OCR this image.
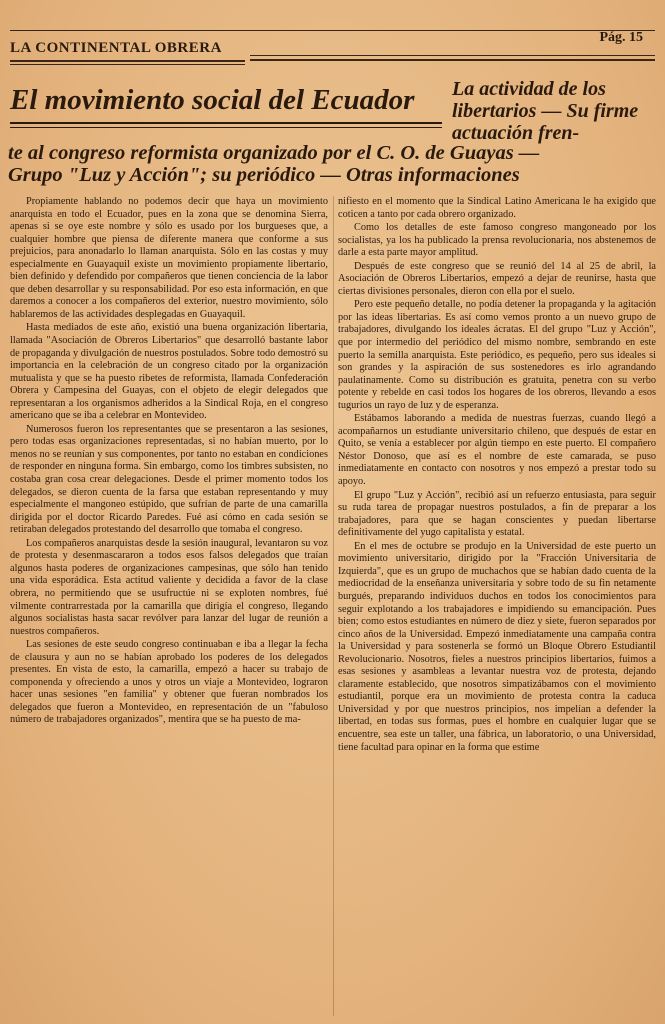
LA CONTINENTAL OBRERA
Pág. 15
El movimiento social del Ecuador	La actividad de los libertarios — Su firme actuación fren-
te al congreso reformista organizado por el C. O. de Guayas —
Grupo "Luz y Acción"; su periódico — Otras informaciones

Propiamente hablando no podemos decir que haya un movimiento anarquista en todo el Ecuador, pues en la zona que se denomina Sierra, apenas si se oye este nombre y sólo es usado por los burgueses que, a cualquier hombre que piensa de diferente manera que conforme a sus prejuicios, para anonadarlo lo llaman anarquista. Sólo en las costas y muy especialmente en Guayaquil existe un movimiento propiamente libertario, bien definido y defendido por compañeros que tienen conciencia de la labor que deben desarrollar y su responsabilidad. Por eso esta información, en que daremos a conocer a los compañeros del exterior, nuestro movimiento, sólo hablaremos de las actividades desplegadas en Guayaquil.

Hasta mediados de este año, existió una buena organización libertaria, llamada "Asociación de Obreros Libertarios" que desarrolló bastante labor de propaganda y divulgación de nuestros postulados. Sobre todo demostró su importancia en la celebración de un congreso citado por la organización mutualista y que se ha puesto ribetes de reformista, llamada Confederación Obrera y Campesina del Guayas, con el objeto de elegir delegados que representaran a los organismos adheridos a la Sindical Roja, en el congreso americano que se iba a celebrar en Montevideo.

Numerosos fueron los representantes que se presentaron a las sesiones, pero todas esas organizaciones representadas, si no habían muerto, por lo menos no se reunían y sus componentes, por tanto no estaban en condiciones de responder en ninguna forma. Sin embargo, como los timbres subsisten, no costaba gran cosa crear delegaciones. Desde el primer momento todos los delegados, se dieron cuenta de la farsa que estaban representando y muy especialmente el mangoneo estúpido, que sufrían de parte de una camarilla dirigida por el doctor Ricardo Paredes. Fué así cómo en cada sesión se retiraban delegados protestando del desarrollo que tomaba el congreso.

Los compañeros anarquistas desde la sesión inaugural, levantaron su voz de protesta y desenmascararon a todos esos falsos delegados que traían algunos hasta poderes de organizaciones campesinas, que sólo han tenido una vida esporádica. Esta actitud valiente y decidida a favor de la clase obrera, no permitiendo que se usufructúe ni se exploten nombres, fué vilmente contrarrestada por la camarilla que dirigía el congreso, llegando algunos socialistas hasta sacar revólver para lanzar del lugar de reunión a nuestros compañeros.

Las sesiones de este seudo congreso continuaban e iba a llegar la fecha de clausura y aun no se habían aprobado los poderes de los delegados presentes. En vista de esto, la camarilla, empezó a hacer su trabajo de componenda y ofreciendo a unos y otros un viaje a Montevideo, lograron hacer unas sesiones "en familia" y obtener que fueran nombrados los delegados que fueron a Montevideo, en representación de un "fabuloso número de trabajadores organizados", mentira que se ha puesto de ma-

nifiesto en el momento que la Sindical Latino Americana le ha exigido que coticen a tanto por cada obrero organizado.

Como los detalles de este famoso congreso mangoneado por los socialistas, ya los ha publicado la prensa revolucionaria, nos abstenemos de darle a esta parte mayor amplitud.

Después de este congreso que se reunió del 14 al 25 de abril, la Asociación de Obreros Libertarios, empezó a dejar de reunirse, hasta que ciertas divisiones personales, dieron con ella por el suelo.

Pero este pequeño detalle, no podía detener la propaganda y la agitación por las ideas libertarias. Es así como vemos pronto a un nuevo grupo de trabajadores, divulgando los ideales ácratas. El del grupo "Luz y Acción", que por intermedio del periódico del mismo nombre, sembrando en este puerto la semilla anarquista. Este periódico, es pequeño, pero sus ideales si son grandes y la aspiración de sus sostenedores es irlo agrandando paulatinamente. Como su distribución es gratuita, penetra con su verbo potente y rebelde en casi todos los hogares de los obreros, llevando a esos tugurios un rayo de luz y de esperanza.

Estábamos laborando a medida de nuestras fuerzas, cuando llegó a acompañarnos un estudiante universitario chileno, que después de estar en Quito, se venía a establecer por algún tiempo en este puerto. El compañero Néstor Donoso, que así es el nombre de este camarada, se puso inmediatamente en contacto con nosotros y nos empezó a prestar todo su apoyo.

El grupo "Luz y Acción", recibió así un refuerzo entusiasta, para seguir su ruda tarea de propagar nuestros postulados, a fin de preparar a los trabajadores, para que se hagan conscientes y puedan libertarse definitivamente del yugo capitalista y estatal.

En el mes de octubre se produjo en la Universidad de este puerto un movimiento universitario, dirigido por la "Fracción Universitaria de Izquierda", que es un grupo de muchachos que se habían dado cuenta de la mediocridad de la enseñanza universitaria y sobre todo de su fin netamente burgués, preparando individuos duchos en todos los conocimientos para seguir explotando a los trabajadores e impidiendo su emancipación. Pues bien; como estos estudiantes en número de diez y siete, fueron separados por cinco años de la Universidad. Empezó inmediatamente una campaña contra la Universidad y para sostenerla se formó un Bloque Obrero Estudiantil Revolucionario. Nosotros, fieles a nuestros principios libertarios, fuimos a esas sesiones y asambleas a levantar nuestra voz de protesta, dejando claramente establecido, que nosotros simpatizábamos con el movimiento estudiantil, porque era un movimiento de protesta contra la caduca Universidad y por que nuestros principios, nos impelían a defender la libertad, en todas sus formas, pues el hombre en cualquier lugar que se encuentre, sea este un taller, una fábrica, un laboratorio, o una Universidad, tiene facultad para opinar en la forma que estime
